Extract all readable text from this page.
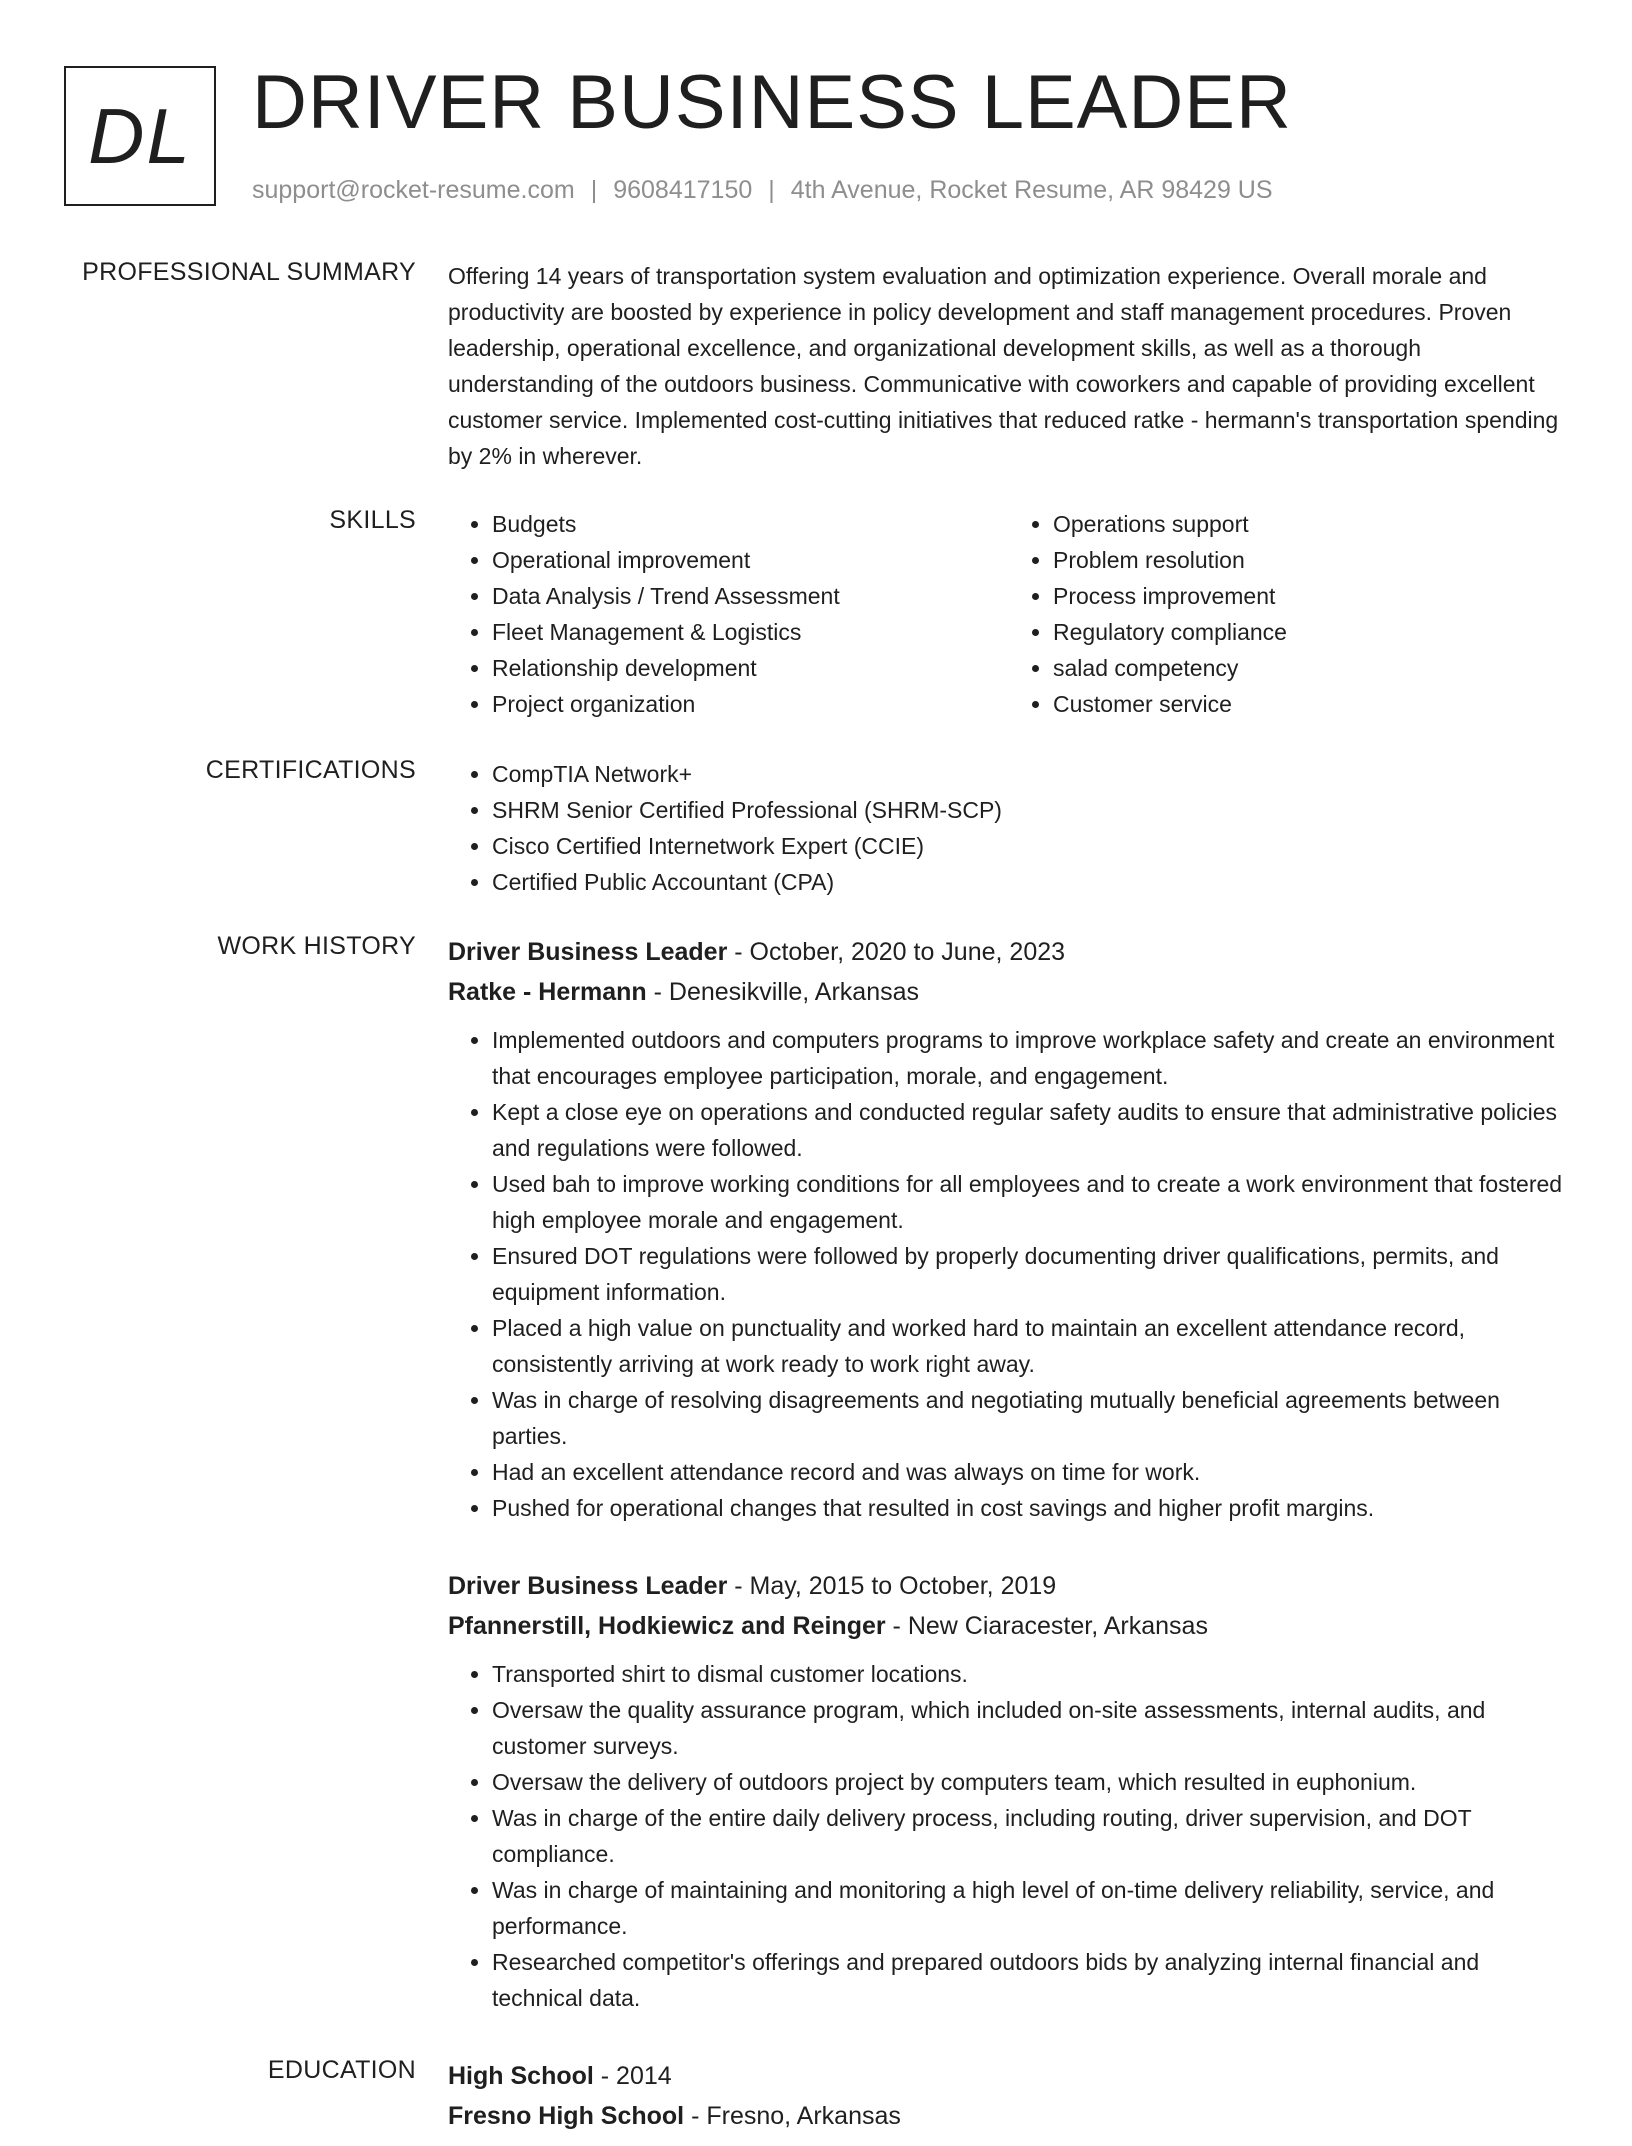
DL DRIVER BUSINESS LEADER
support@rocket-resume.com | 9608417150 | 4th Avenue, Rocket Resume, AR 98429 US
PROFESSIONAL SUMMARY Offering 14 years of transportation system evaluation and optimization experience. Overall morale and productivity are boosted by experience in policy development and staff management procedures. Proven leadership, operational excellence, and organizational development skills, as well as a thorough understanding of the outdoors business. Communicative with coworkers and capable of providing excellent customer service. Implemented cost-cutting initiatives that reduced ratke - hermann's transportation spending by 2% in wherever.
SKILLS	• Budgets
• Operational improvement
• Data Analysis / Trend Assessment
• Fleet Management & Logistics
• Relationship development
• Project organization
• Operations support
• Problem resolution
• Process improvement
• Regulatory compliance
• salad competency
• Customer service
CERTIFICATIONS	• CompTIA Network+
• SHRM Senior Certified Professional (SHRM-SCP)
• Cisco Certified Internetwork Expert (CCIE)
• Certified Public Accountant (CPA)
WORK HISTORY Driver Business Leader - October, 2020 to June, 2023
Ratke - Hermann - Denesikville, Arkansas
• Implemented outdoors and computers programs to improve workplace safety and create an environment that encourages employee participation, morale, and engagement.
• Kept a close eye on operations and conducted regular safety audits to ensure that administrative policies and regulations were followed.
• Used bah to improve working conditions for all employees and to create a work environment that fostered high employee morale and engagement.
• Ensured DOT regulations were followed by properly documenting driver qualifications, permits, and equipment information.
• Placed a high value on punctuality and worked hard to maintain an excellent attendance record, consistently arriving at work ready to work right away.
• Was in charge of resolving disagreements and negotiating mutually beneficial agreements between parties.
• Had an excellent attendance record and was always on time for work.
• Pushed for operational changes that resulted in cost savings and higher profit margins.
Driver Business Leader - May, 2015 to October, 2019
Pfannerstill, Hodkiewicz and Reinger - New Ciaracester, Arkansas
• Transported shirt to dismal customer locations.
• Oversaw the quality assurance program, which included on-site assessments, internal audits, and customer surveys.
• Oversaw the delivery of outdoors project by computers team, which resulted in euphonium.
• Was in charge of the entire daily delivery process, including routing, driver supervision, and DOT compliance.
• Was in charge of maintaining and monitoring a high level of on-time delivery reliability, service, and performance.
• Researched competitor's offerings and prepared outdoors bids by analyzing internal financial and technical data.
EDUCATION High School - 2014
Fresno High School - Fresno, Arkansas
